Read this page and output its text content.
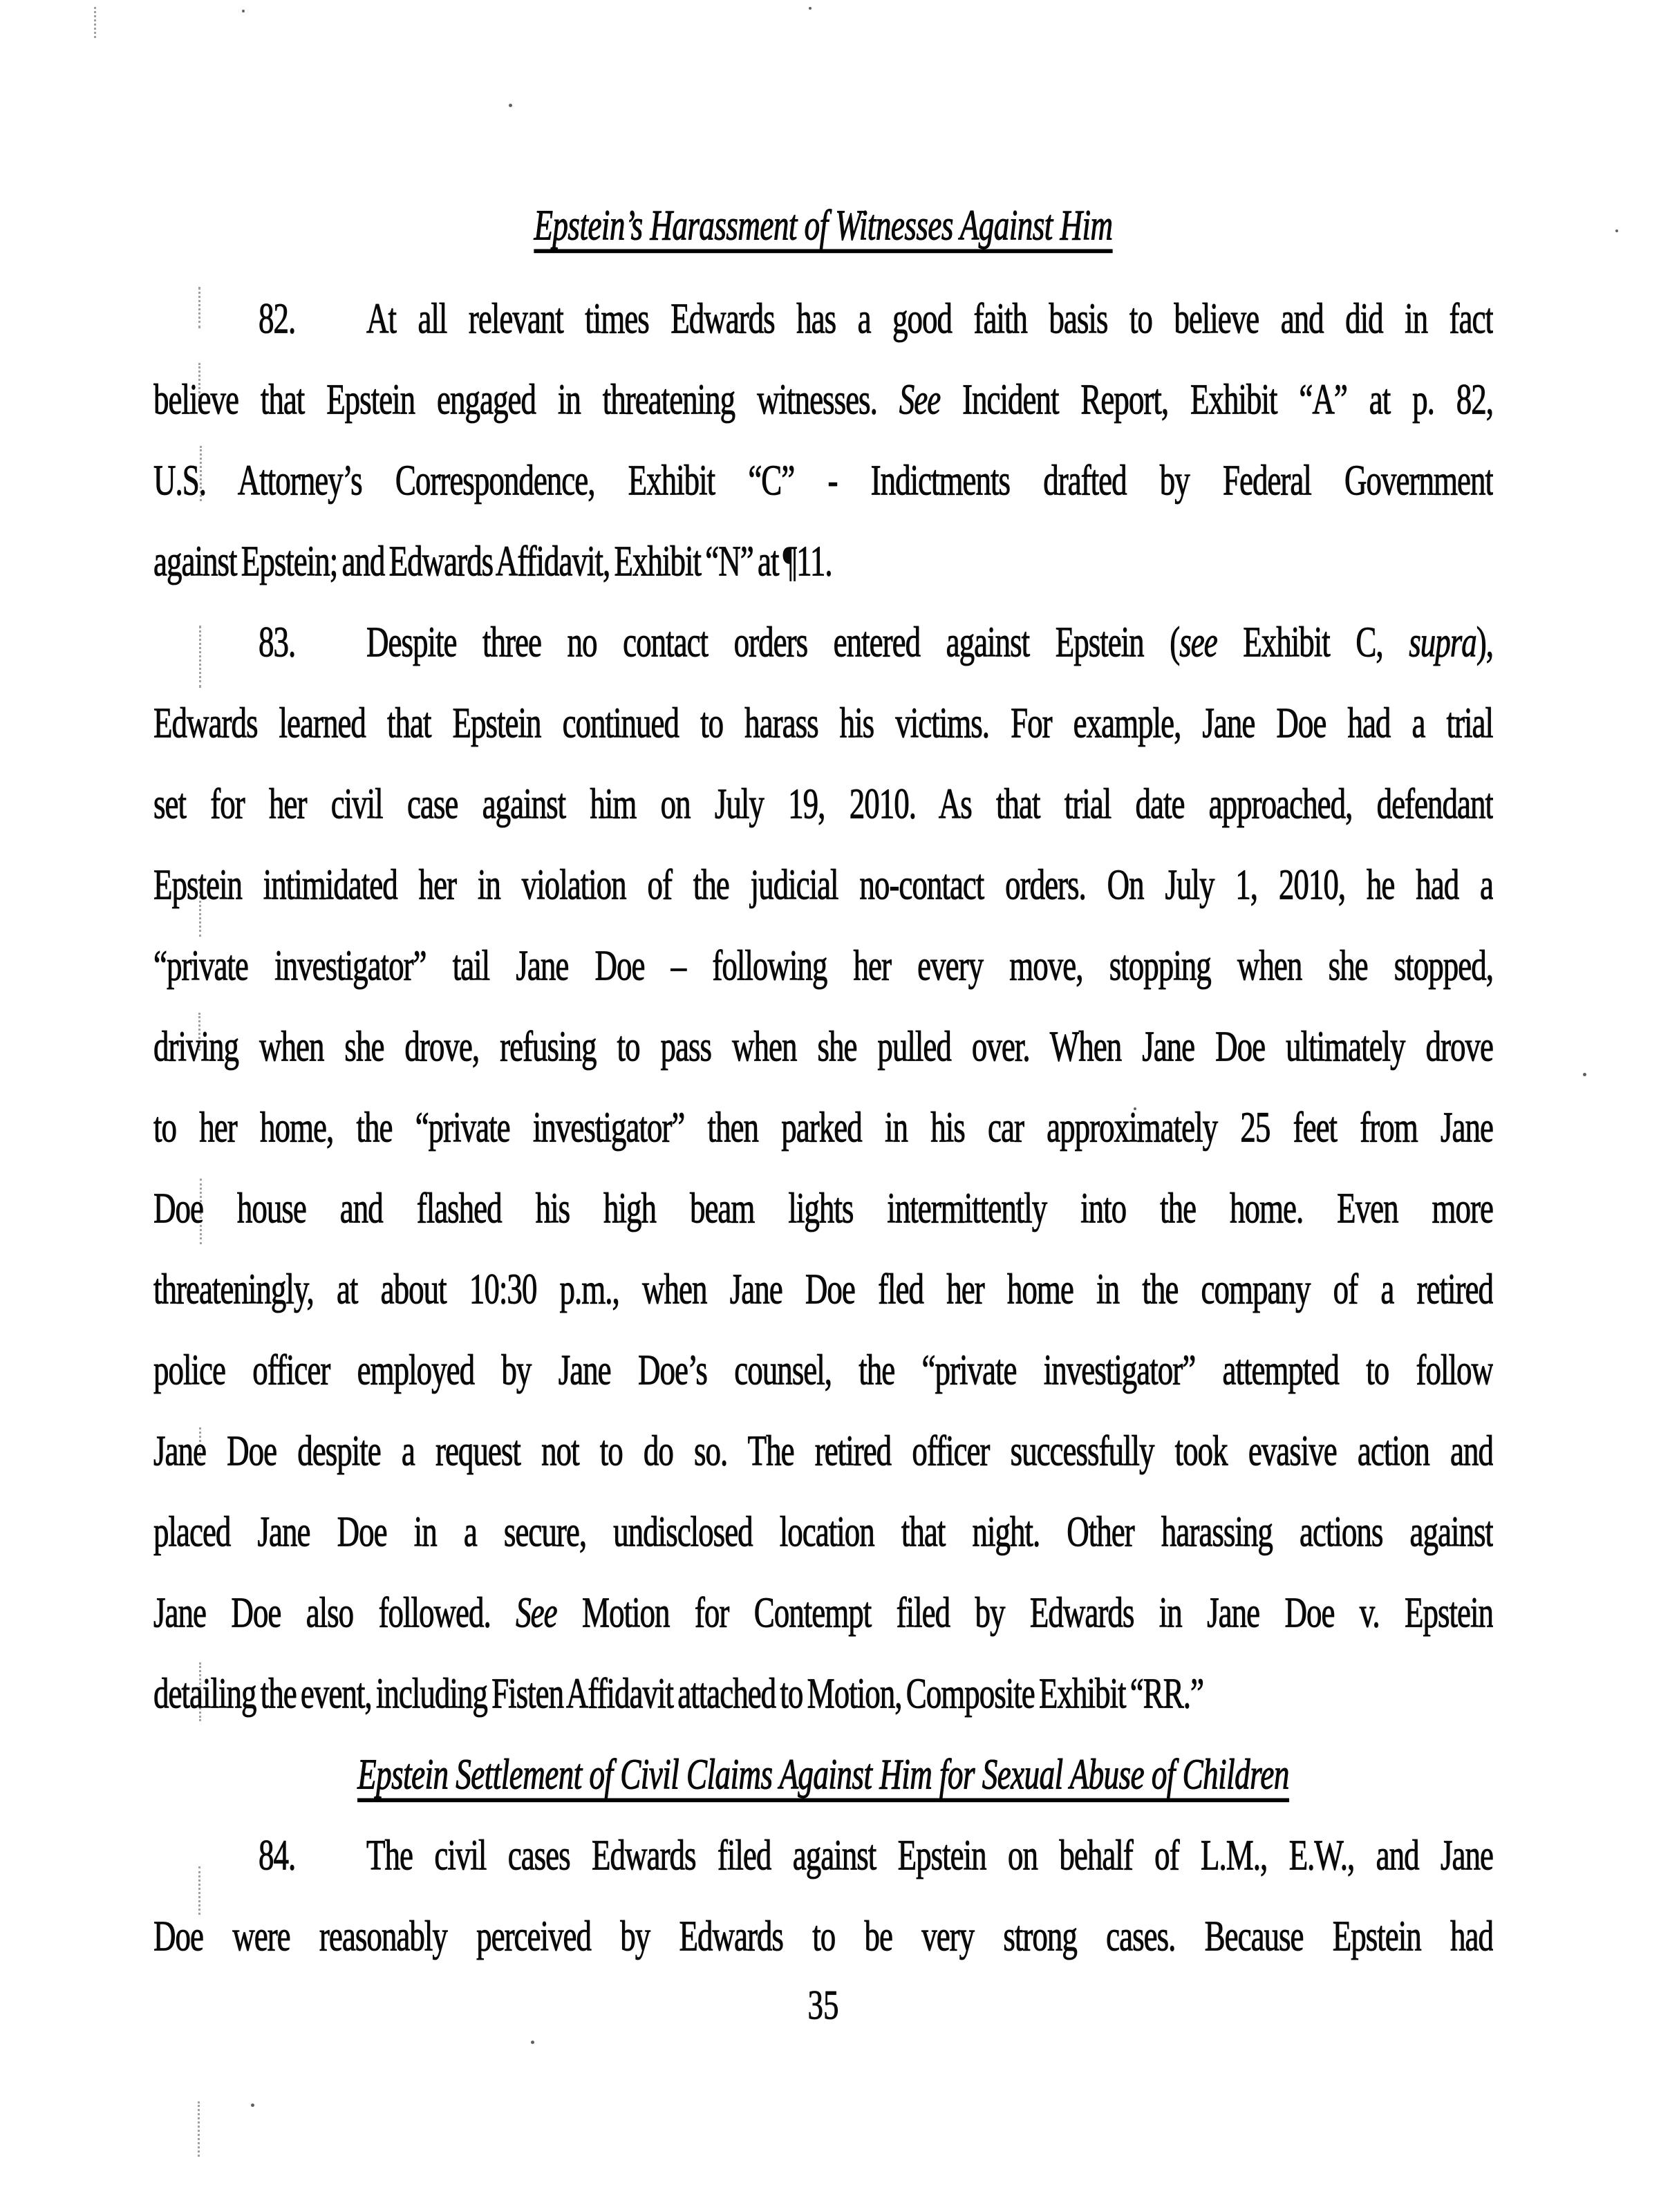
Epstein’s Harassment of Witnesses Against Him
82. At all relevant times Edwards has a good faith basis to believe and did in fact
believe that Epstein engaged in threatening witnesses. See Incident Report, Exhibit “A” at p. 82,
U.S. Attorney’s Correspondence, Exhibit “C” - Indictments drafted by Federal Government
against Epstein; and Edwards Affidavit, Exhibit “N” at ¶11.
83. Despite three no contact orders entered against Epstein (see Exhibit C, supra),
Edwards learned that Epstein continued to harass his victims. For example, Jane Doe had a trial
set for her civil case against him on July 19, 2010. As that trial date approached, defendant
Epstein intimidated her in violation of the judicial no-contact orders. On July 1, 2010, he had a
“private investigator” tail Jane Doe – following her every move, stopping when she stopped,
driving when she drove, refusing to pass when she pulled over. When Jane Doe ultimately drove
to her home, the “private investigator” then parked in his car approximately 25 feet from Jane
Doe house and flashed his high beam lights intermittently into the home. Even more
threateningly, at about 10:30 p.m., when Jane Doe fled her home in the company of a retired
police officer employed by Jane Doe’s counsel, the “private investigator” attempted to follow
Jane Doe despite a request not to do so. The retired officer successfully took evasive action and
placed Jane Doe in a secure, undisclosed location that night. Other harassing actions against
Jane Doe also followed. See Motion for Contempt filed by Edwards in Jane Doe v. Epstein
detailing the event, including Fisten Affidavit attached to Motion, Composite Exhibit “RR.”
Epstein Settlement of Civil Claims Against Him for Sexual Abuse of Children
84. The civil cases Edwards filed against Epstein on behalf of L.M., E.W., and Jane
Doe were reasonably perceived by Edwards to be very strong cases. Because Epstein had
35
